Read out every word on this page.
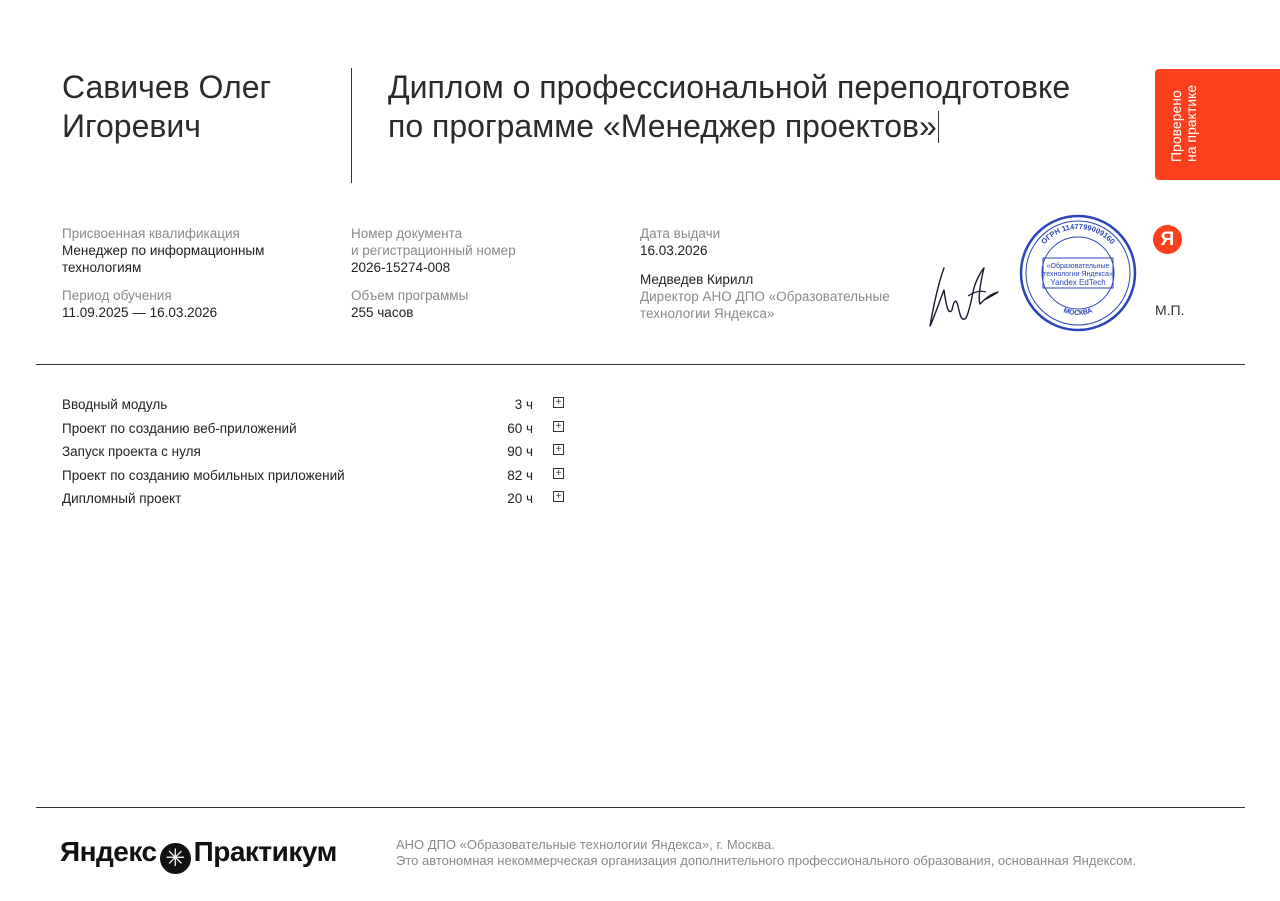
Савичев Олег
Игоревич
Диплом о профессиональной переподготовке
по программе «Менеджер проектов»	Проверено на практике
Присвоенная квалификация
Менеджер по информационным
технологиям
Период обучения
11.09.2025 — 16.03.2026
Номер документа
и регистрационный номер
2026-15274-008
Объем программы
255 часов
Дата выдачи
16.03.2026
Медведев Кирилл
Директор АНО ДПО «Образовательные
технологии Яндекса»
ОГРН 1147799009160
МОСКВА
«Образовательные
технологии Яндекса»
Yandex EdTech
Я
М.П.
Вводный модуль	3 ч +
Проект по созданию веб-приложений	60 ч +
Запуск проекта с нуля	90 ч +
Проект по созданию мобильных приложений	82 ч +
Дипломный проект	20 ч +
Яндекс ✳ Практикум	АНО ДПО «Образовательные технологии Яндекса», г. Москва.
Это автономная некоммерческая организация дополнительного профессионального образования, основанная Яндексом.
